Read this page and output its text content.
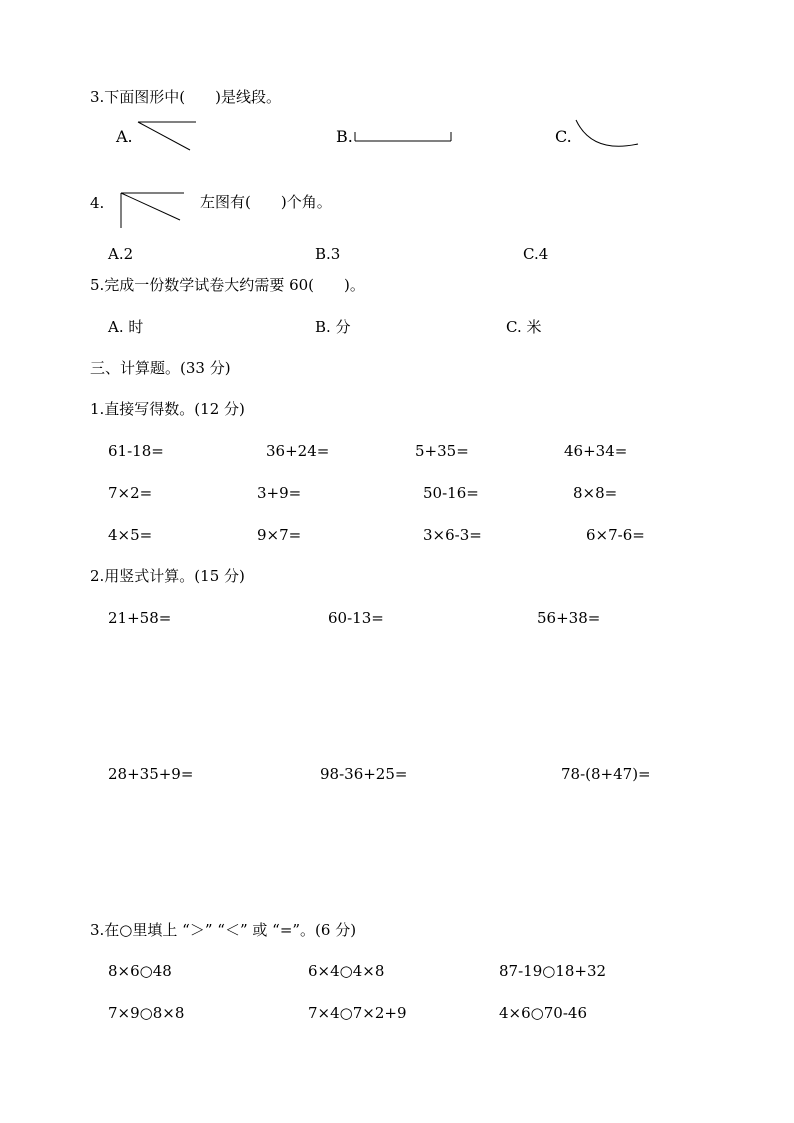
3.下面图形中(　　)是线段。
A.	B.	C.
4.	左图有(　　)个角。
A.2	B.3	C.4
5.完成一份数学试卷大约需要 60(　　)。
A. 时	B. 分	C. 米
三、计算题。(33 分)
1.直接写得数。(12 分)
61-18=	36+24=	5+35=	46+34=
7×2=	3+9=	50-16=	8×8=
4×5=	9×7=	3×6-3=	6×7-6=
2.用竖式计算。(15 分)
21+58=	60-13=	56+38=
28+35+9=	98-36+25=	78-(8+47)=
3.在○里填上 “＞” “＜” 或 “=”。(6 分)
8×6○48	6×4○4×8	87-19○18+32
7×9○8×8	7×4○7×2+9	4×6○70-46
